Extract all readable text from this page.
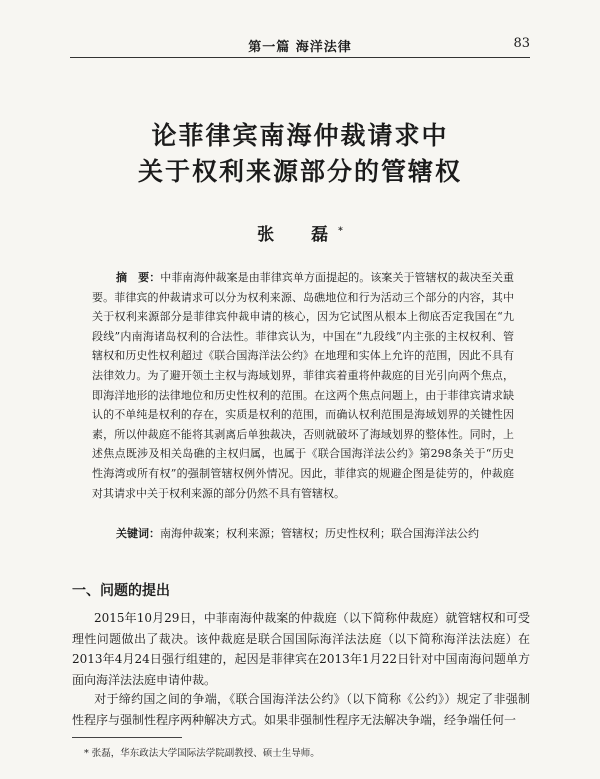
第一篇 海洋法律	83
论菲律宾南海仲裁请求中
关于权利来源部分的管辖权
张　磊*
摘　要：中菲南海仲裁案是由菲律宾单方面提起的。该案关于管辖权的裁决至关重要。菲律宾的仲裁请求可以分为权利来源、岛礁地位和行为活动三个部分的内容，其中关于权利来源部分是菲律宾仲裁申请的核心，因为它试图从根本上彻底否定我国在“九段线”内南海诸岛权利的合法性。菲律宾认为，中国在“九段线”内主张的主权权利、管辖权和历史性权利超过《联合国海洋法公约》在地理和实体上允许的范围，因此不具有法律效力。为了避开领土主权与海域划界，菲律宾着重将仲裁庭的目光引向两个焦点，即海洋地形的法律地位和历史性权利的范围。在这两个焦点问题上，由于菲律宾请求缺认的不单纯是权利的存在，实质是权利的范围，而确认权利范围是海域划界的关键性因素，所以仲裁庭不能将其剥离后单独裁决，否则就破坏了海域划界的整体性。同时，上述焦点既涉及相关岛礁的主权归属，也属于《联合国海洋法公约》第298条关于“历史性海湾或所有权”的强制管辖权例外情况。因此，菲律宾的规避企图是徒劳的，仲裁庭对其请求中关于权利来源的部分仍然不具有管辖权。
关键词：南海仲裁案；权利来源；管辖权；历史性权利；联合国海洋法公约
一、问题的提出
2015年10月29日，中菲南海仲裁案的仲裁庭（以下简称仲裁庭）就管辖权和可受理性问题做出了裁决。该仲裁庭是联合国国际海洋法法庭（以下简称海洋法法庭）在2013年4月24日强行组建的，起因是菲律宾在2013年1月22日针对中国南海问题单方面向海洋法法庭申请仲裁。
对于缔约国之间的争端，《联合国海洋法公约》（以下简称《公约》）规定了非强制性程序与强制性程序两种解决方式。如果非强制性程序无法解决争端，经争端任何一
* 张磊，华东政法大学国际法学院副教授、硕士生导师。
